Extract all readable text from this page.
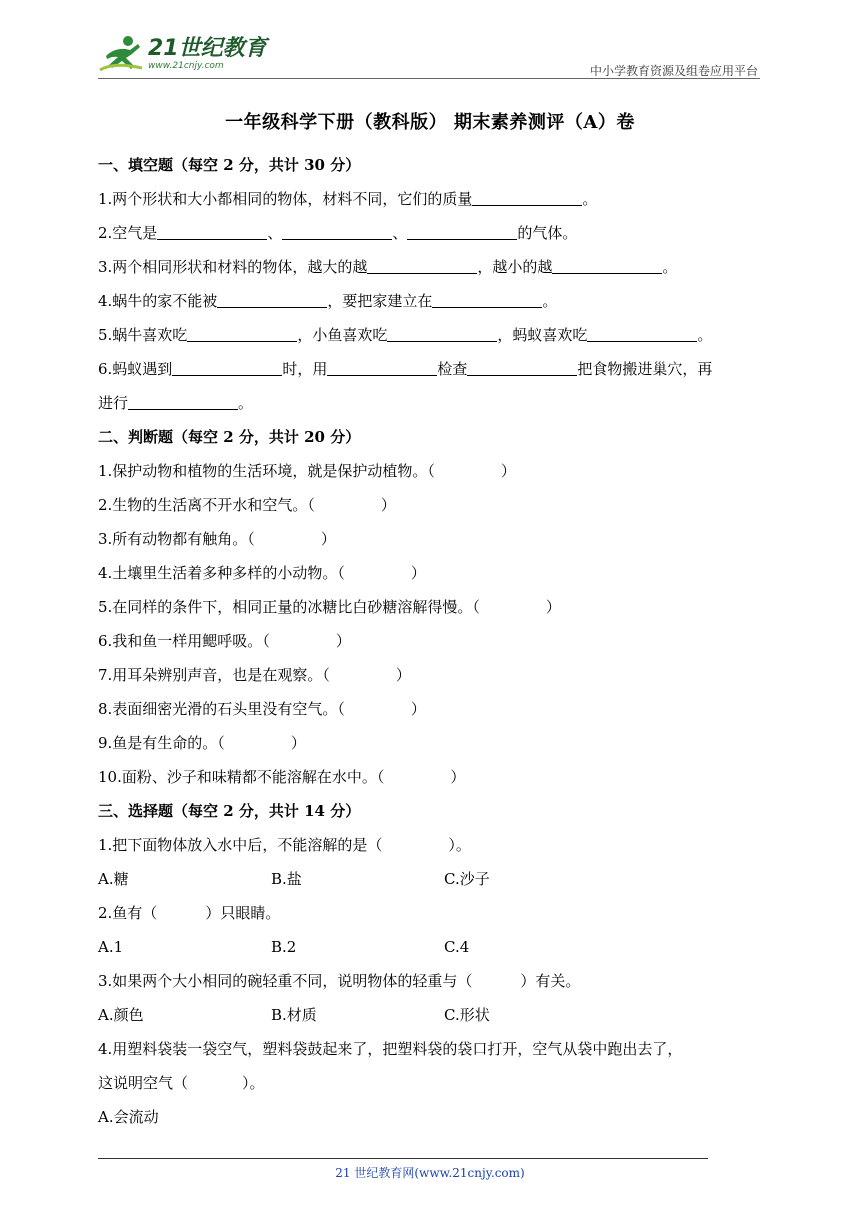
21世纪教育
www.21cnjy.com	中小学教育资源及组卷应用平台
一年级科学下册（教科版） 期末素养测评（A）卷
一、填空题（每空 2 分，共计 30 分）
1.两个形状和大小都相同的物体，材料不同，它们的质量	。
2.空气是	、	、	的气体。
3.两个相同形状和材料的物体，越大的越	，越小的越	。
4.蜗牛的家不能被	，要把家建立在	。
5.蜗牛喜欢吃	，小鱼喜欢吃	，蚂蚁喜欢吃	。
6.蚂蚁遇到	时，用	检查	把食物搬进巢穴，再
进行	。
二、判断题（每空 2 分，共计 20 分）
1.保护动物和植物的生活环境，就是保护动植物。（	）
2.生物的生活离不开水和空气。（	）
3.所有动物都有触角。（	）
4.土壤里生活着多种多样的小动物。（	）
5.在同样的条件下，相同正量的冰糖比白砂糖溶解得慢。（	）
6.我和鱼一样用鳃呼吸。（	）
7.用耳朵辨别声音，也是在观察。（	）
8.表面细密光滑的石头里没有空气。（	）
9.鱼是有生命的。（	）
10.面粉、沙子和味精都不能溶解在水中。（	）
三、选择题（每空 2 分，共计 14 分）
1.把下面物体放入水中后，不能溶解的是（	）。
A.糖	B.盐	C.沙子
2.鱼有（	）只眼睛。
A.1	B.2	C.4
3.如果两个大小相同的碗轻重不同，说明物体的轻重与（	）有关。
A.颜色	B.材质	C.形状
4.用塑料袋装一袋空气，塑料袋鼓起来了，把塑料袋的袋口打开，空气从袋中跑出去了，
这说明空气（	）。
A.会流动
21 世纪教育网(www.21cnjy.com)
